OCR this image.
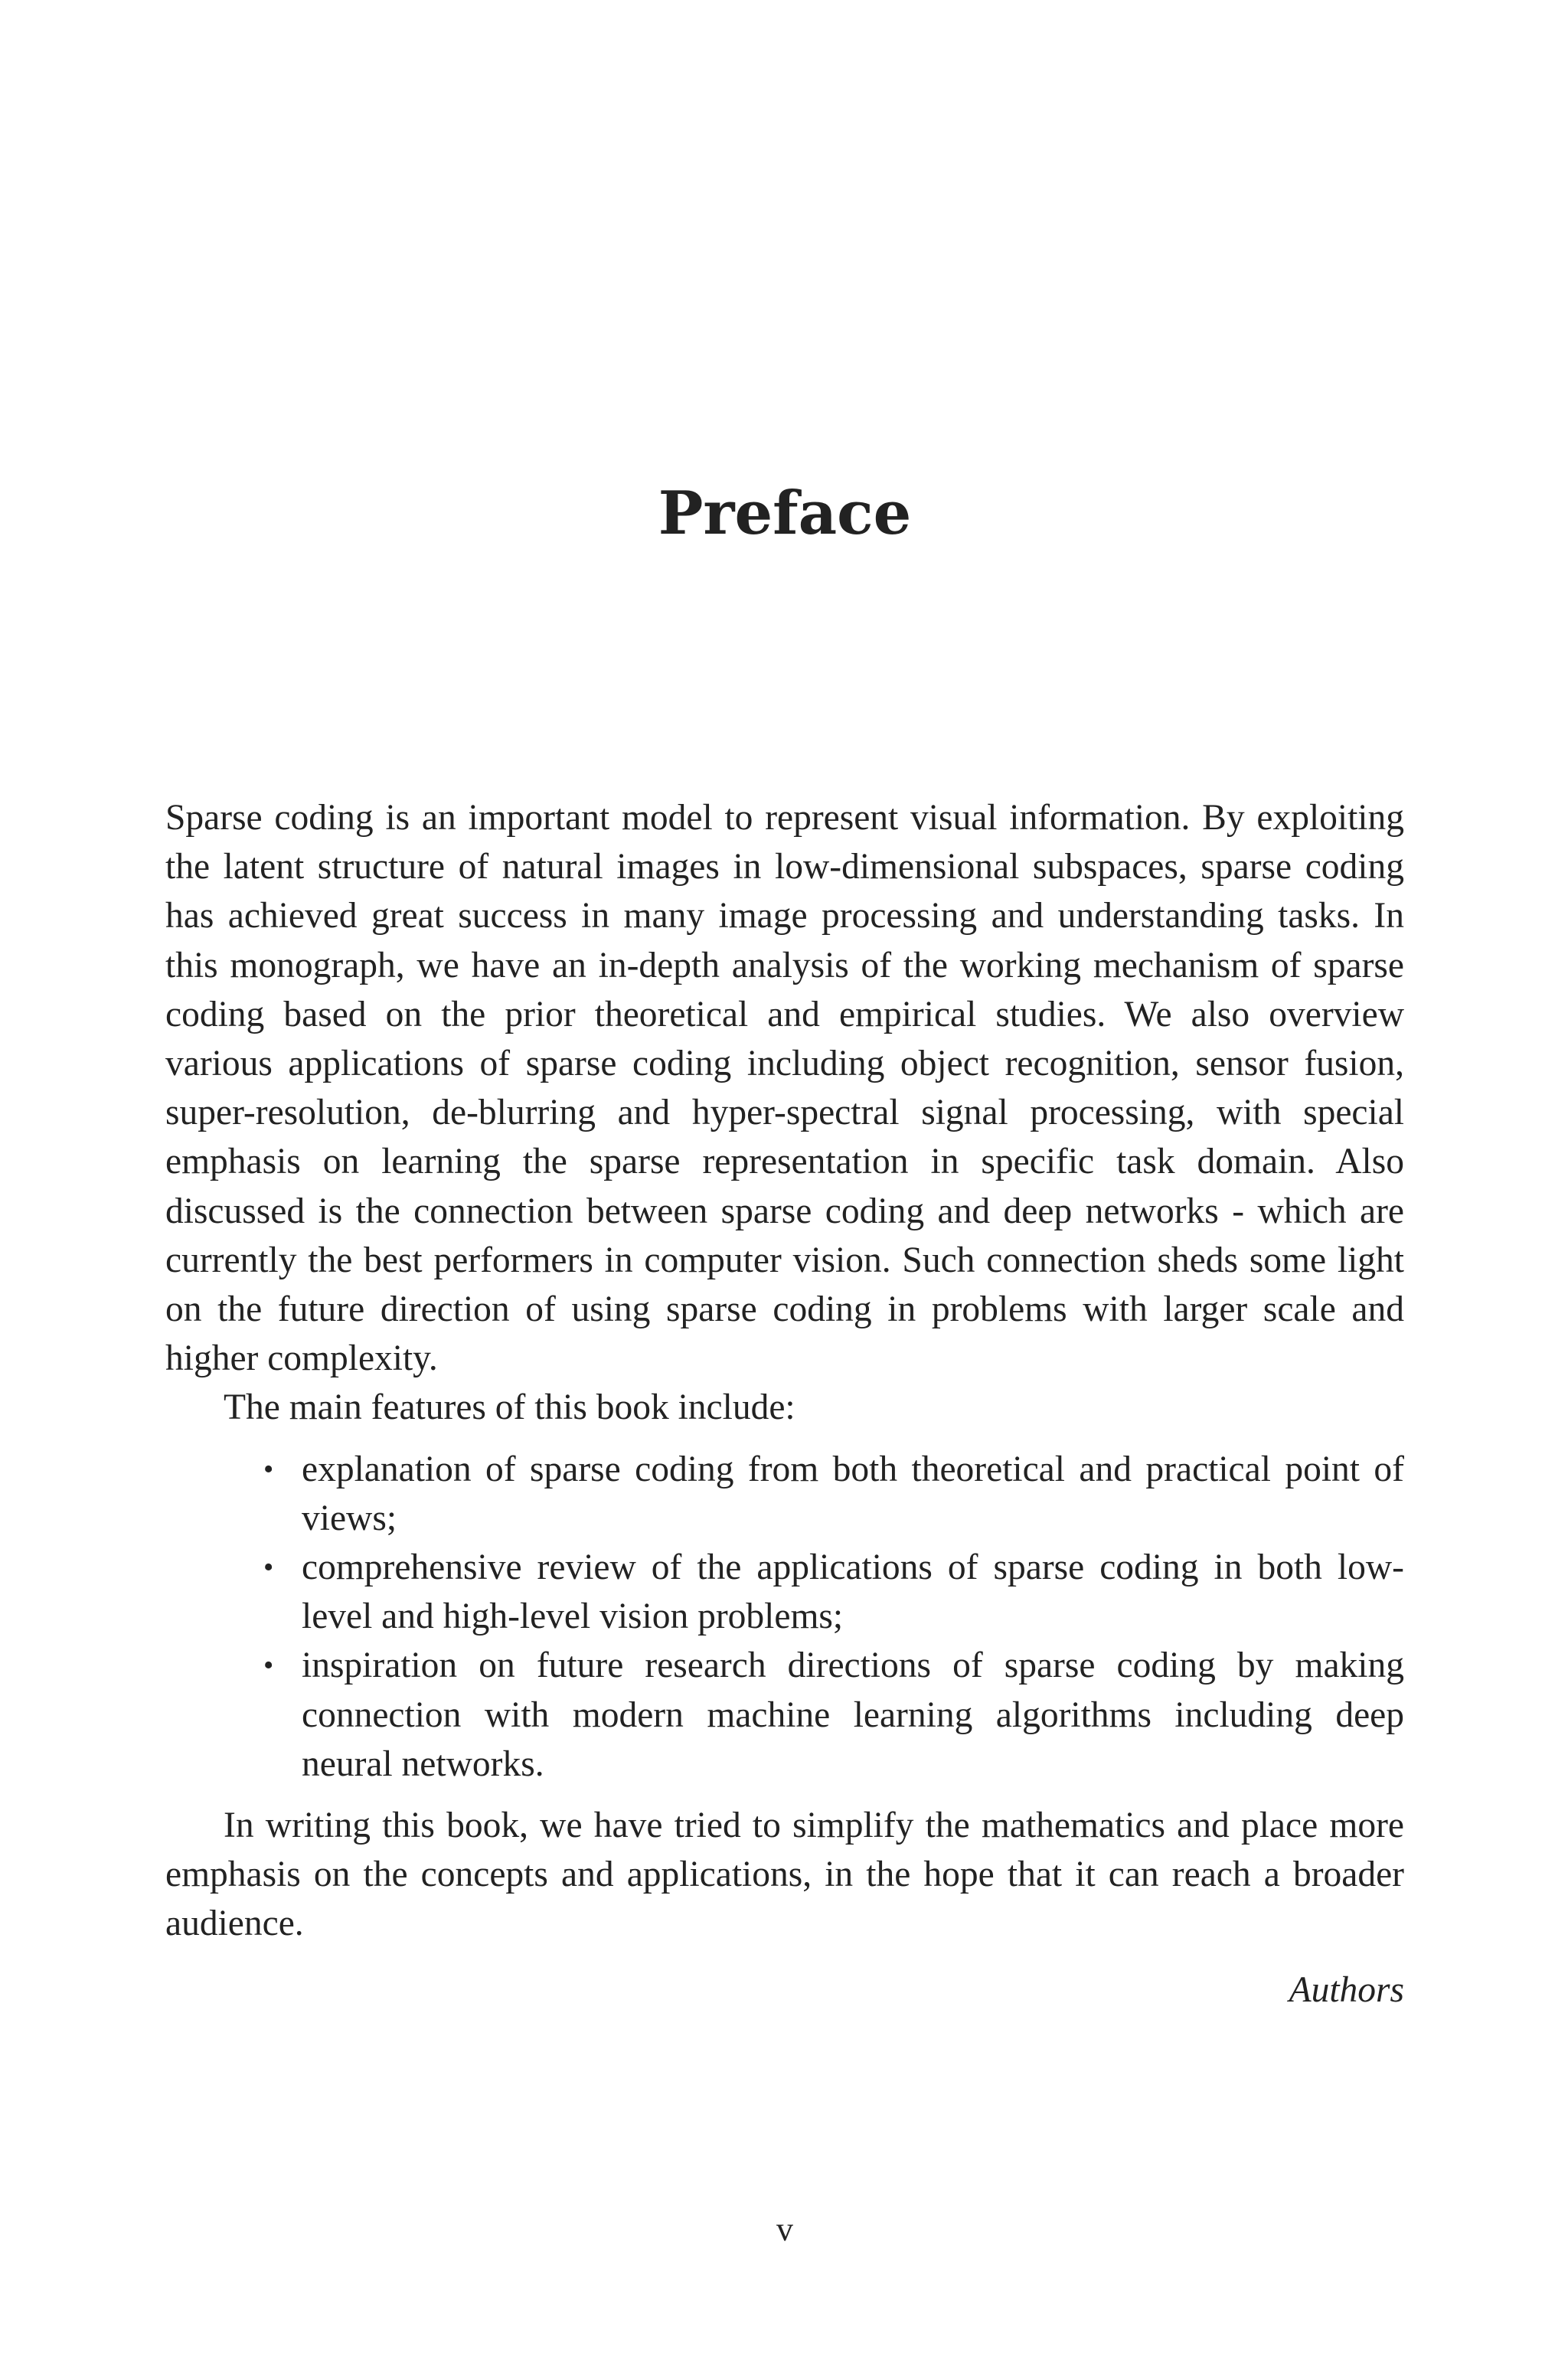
Preface

Sparse coding is an important model to represent visual information. By exploiting the latent structure of natural images in low-dimensional subspaces, sparse coding has achieved great success in many image processing and understanding tasks. In this monograph, we have an in-depth analysis of the working mechanism of sparse coding based on the prior theoretical and empirical studies. We also overview various applications of sparse coding including object recognition, sensor fusion, super-resolution, de-blurring and hyper-spectral signal processing, with special emphasis on learning the sparse representation in specific task domain. Also discussed is the connection between sparse coding and deep networks - which are currently the best performers in computer vision. Such connection sheds some light on the future direction of using sparse coding in problems with larger scale and higher complexity.

The main features of this book include:

• explanation of sparse coding from both theoretical and practical point of views;
• comprehensive review of the applications of sparse coding in both low-level and high-level vision problems;
• inspiration on future research directions of sparse coding by making connection with modern machine learning algorithms including deep neural networks.

In writing this book, we have tried to simplify the mathematics and place more emphasis on the concepts and applications, in the hope that it can reach a broader audience.

Authors

v
